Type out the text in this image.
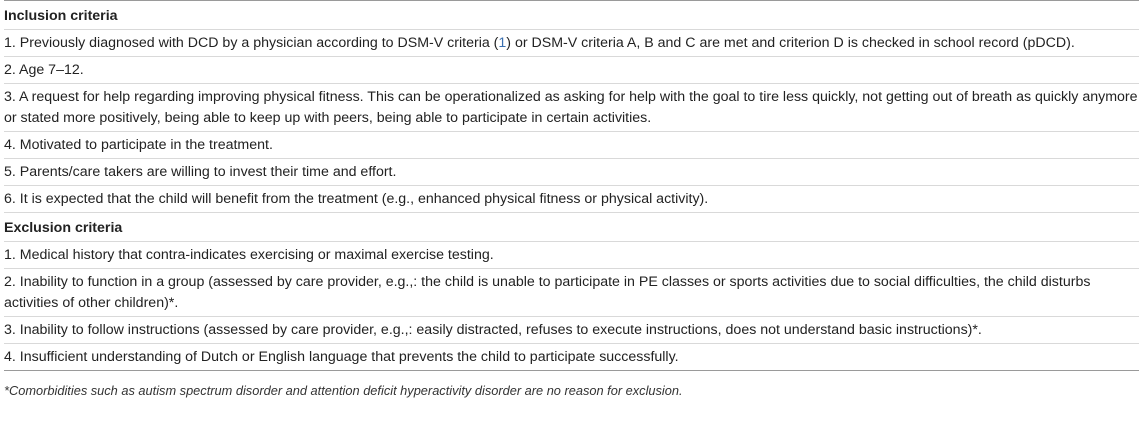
Inclusion criteria
1. Previously diagnosed with DCD by a physician according to DSM-V criteria (1) or DSM-V criteria A, B and C are met and criterion D is checked in school record (pDCD).
2. Age 7–12.
3. A request for help regarding improving physical fitness. This can be operationalized as asking for help with the goal to tire less quickly, not getting out of breath as quickly anymore or stated more positively, being able to keep up with peers, being able to participate in certain activities.
4. Motivated to participate in the treatment.
5. Parents/care takers are willing to invest their time and effort.
6. It is expected that the child will benefit from the treatment (e.g., enhanced physical fitness or physical activity).
Exclusion criteria
1. Medical history that contra-indicates exercising or maximal exercise testing.
2. Inability to function in a group (assessed by care provider, e.g.,: the child is unable to participate in PE classes or sports activities due to social difficulties, the child disturbs activities of other children)*.
3. Inability to follow instructions (assessed by care provider, e.g.,: easily distracted, refuses to execute instructions, does not understand basic instructions)*.
4. Insufficient understanding of Dutch or English language that prevents the child to participate successfully.
*Comorbidities such as autism spectrum disorder and attention deficit hyperactivity disorder are no reason for exclusion.
